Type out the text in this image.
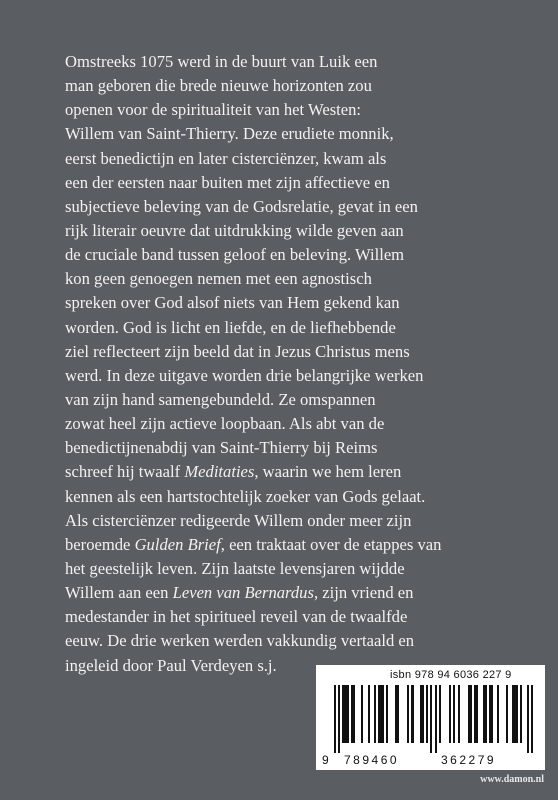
Omstreeks 1075 werd in de buurt van Luik een
man geboren die brede nieuwe horizonten zou
openen voor de spiritualiteit van het Westen:
Willem van Saint-Thierry. Deze erudiete monnik,
eerst benedictijn en later cisterciënzer, kwam als
een der eersten naar buiten met zijn affectieve en
subjectieve beleving van de Godsrelatie, gevat in een
rijk literair oeuvre dat uitdrukking wilde geven aan
de cruciale band tussen geloof en beleving. Willem
kon geen genoegen nemen met een agnostisch
spreken over God alsof niets van Hem gekend kan
worden. God is licht en liefde, en de liefhebbende
ziel reflecteert zijn beeld dat in Jezus Christus mens
werd. In deze uitgave worden drie belangrijke werken
van zijn hand samengebundeld. Ze omspannen
zowat heel zijn actieve loopbaan. Als abt van de
benedictijnenabdij van Saint-Thierry bij Reims
schreef hij twaalf Meditaties, waarin we hem leren
kennen als een hartstochtelijk zoeker van Gods gelaat.
Als cisterciënzer redigeerde Willem onder meer zijn
beroemde Gulden Brief, een traktaat over de etappes van
het geestelijk leven. Zijn laatste levensjaren wijdde
Willem aan een Leven van Bernardus, zijn vriend en
medestander in het spiritueel reveil van de twaalfde
eeuw. De drie werken werden vakkundig vertaald en
ingeleid door Paul Verdeyen s.j.
isbn 978 94 6036 227 9
9 789460	362279
www.damon.nl
